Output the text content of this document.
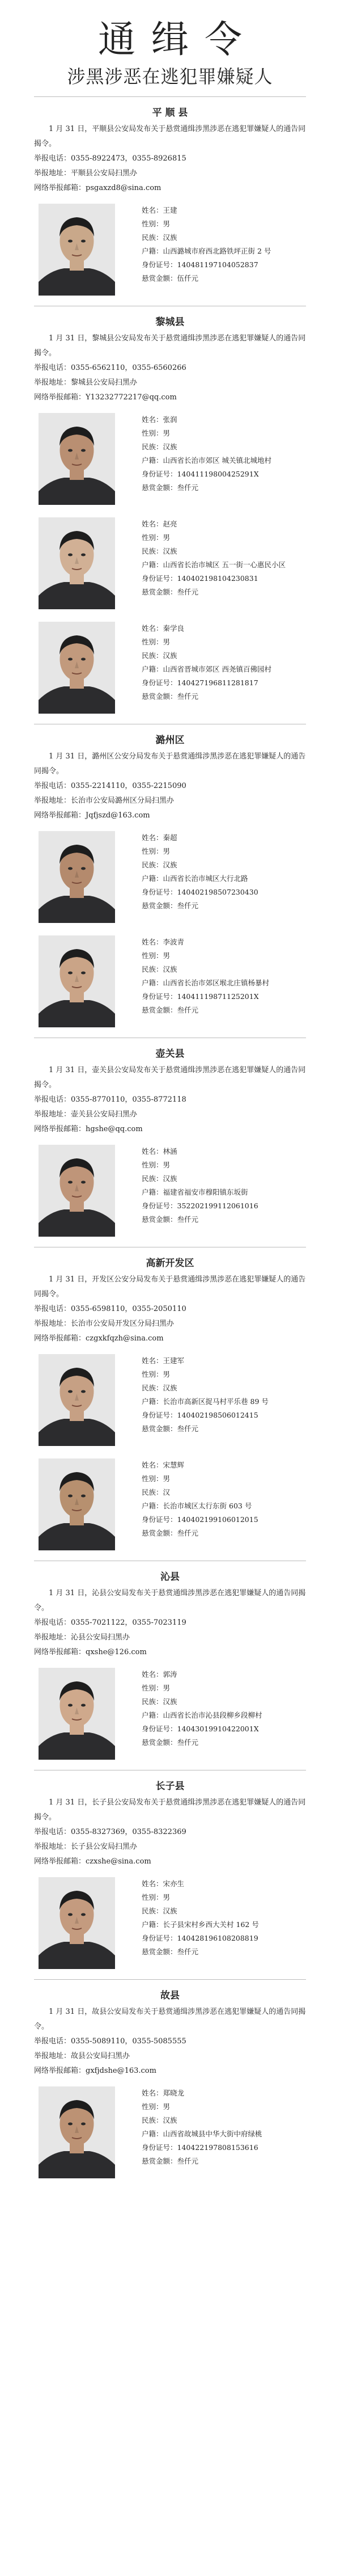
通缉令
涉黑涉恶在逃犯罪嫌疑人
平 顺 县
1 月 31 日，平顺县公安局发布关于悬赏通缉涉黑涉恶在逃犯罪嫌疑人的通告同揭令。
举报电话：0355-8922473，0355-8926815
举报地址：平顺县公安局扫黑办
网络举报邮箱：psgaxzd8@sina.com
姓名：王建
性别：男
民族：汉族
户籍：山西潞城市府西北路铁坪正街 2 号
身份证号：140481197104052837
悬赏金额：伍仟元
黎城县
1 月 31 日，黎城县公安局发布关于悬赏通缉涉黑涉恶在逃犯罪嫌疑人的通告同揭令。
举报电话：0355-6562110，0355-6560266
举报地址：黎城县公安局扫黑办
网络举报邮箱：Y13232772217@qq.com
姓名：张润
性别：男
民族：汉族
户籍：山西省长治市郊区 城关镇北城地村
身份证号：14041119800425291X
悬赏金额：叁仟元
姓名：赵亮
性别：男
民族：汉族
户籍：山西省长治市城区 五一街一心惠民小区
身份证号：140402198104230831
悬赏金额：叁仟元
姓名：秦学良
性别：男
民族：汉族
户籍：山西省晋城市郊区 西尧镇百佛园村
身份证号：140427196811281817
悬赏金额：叁仟元
潞州区
1 月 31 日，潞州区公安分局发布关于悬赏通缉涉黑涉恶在逃犯罪嫌疑人的通告同揭令。
举报电话：0355-2214110，0355-2215090
举报地址：长治市公安局潞州区分局扫黑办
网络举报邮箱：Jqfjszd@163.com
姓名：秦超
性别：男
民族：汉族
户籍：山西省长治市城区大行北路
身份证号：140402198507230430
悬赏金额：叁仟元
姓名：李波青
性别：男
民族：汉族
户籍：山西省长治市郊区堠北庄镇杨暴村
身份证号：14041119871125201X
悬赏金额：叁仟元
壶关县
1 月 31 日，壶关县公安局发布关于悬赏通缉涉黑涉恶在逃犯罪嫌疑人的通告同揭令。
举报电话：0355-8770110，0355-8772118
举报地址：壶关县公安局扫黑办
网络举报邮箱：hgshe@qq.com
姓名：林涵
性别：男
民族：汉族
户籍：福建省福安市穆阳镇东坂街
身份证号：352202199112061016
悬赏金额：叁仟元
高新开发区
1 月 31 日，开发区公安分局发布关于悬赏通缉涉黑涉恶在逃犯罪嫌疑人的通告同揭令。
举报电话：0355-6598110，0355-2050110
举报地址：长治市公安局开发区分局扫黑办
网络举报邮箱：czgxkfqzh@sina.com
姓名：王建军
性别：男
民族：汉族
户籍：长治市高新区捉马村平乐巷 89 号
身份证号：140402198506012415
悬赏金额：叁仟元
姓名：宋慧辉
性别：男
民族：汉
户籍：长治市城区太行东街 603 号
身份证号：140402199106012015
悬赏金额：叁仟元
沁县
1 月 31 日，沁县公安局发布关于悬赏通缉涉黑涉恶在逃犯罪嫌疑人的通告同揭令。
举报电话：0355-7021122，0355-7023119
举报地址：沁县公安局扫黑办
网络举报邮箱：qxshe@126.com
姓名：郭涛
性别：男
民族：汉族
户籍：山西省长治市沁县段柳乡段柳村
身份证号：14043019910422001X
悬赏金额：叁仟元
长子县
1 月 31 日，长子县公安局发布关于悬赏通缉涉黑涉恶在逃犯罪嫌疑人的通告同揭令。
举报电话：0355-8327369，0355-8322369
举报地址：长子县公安局扫黑办
网络举报邮箱：czxshe@sina.com
姓名：宋亦生
性别：男
民族：汉族
户籍：长子县宋村乡西大关村 162 号
身份证号：140428196108208819
悬赏金额：叁仟元
故县
1 月 31 日，故县公安局发布关于悬赏通缉涉黑涉恶在逃犯罪嫌疑人的通告同揭令。
举报电话：0355-5089110，0355-5085555
举报地址：故县公安局扫黑办
网络举报邮箱：gxfjdshe@163.com
姓名：郑晓龙
性别：男
民族：汉族
户籍：山西省故城县中华大街中府绿桃
身份证号：140422197808153616
悬赏金额：叁仟元
